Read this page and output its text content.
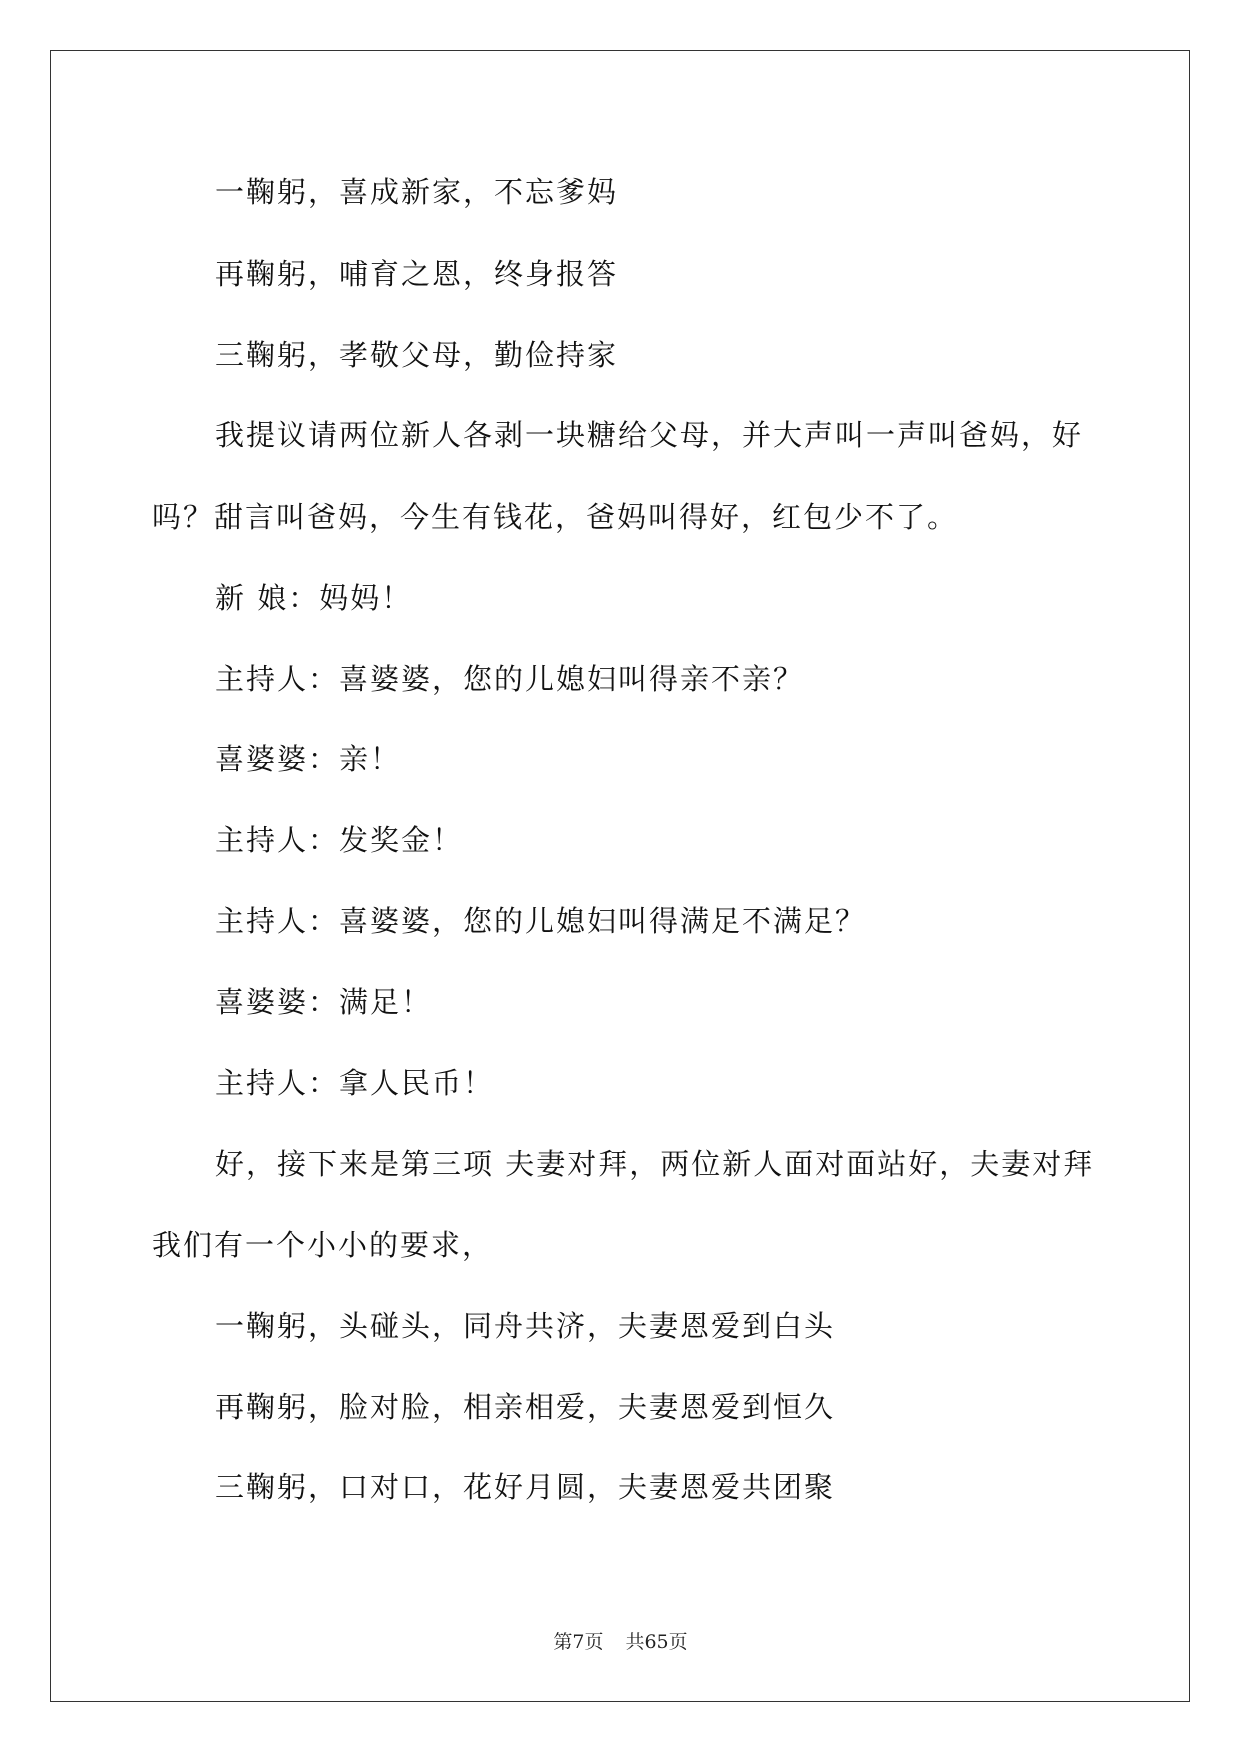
一鞠躬，喜成新家，不忘爹妈
再鞠躬，哺育之恩，终身报答
三鞠躬，孝敬父母，勤俭持家
我提议请两位新人各剥一块糖给父母，并大声叫一声叫爸妈，好
吗？甜言叫爸妈，今生有钱花，爸妈叫得好，红包少不了。
新 娘：妈妈！
主持人：喜婆婆，您的儿媳妇叫得亲不亲？
喜婆婆：亲！
主持人：发奖金！
主持人：喜婆婆，您的儿媳妇叫得满足不满足？
喜婆婆：满足！
主持人：拿人民币！
好，接下来是第三项 夫妻对拜，两位新人面对面站好，夫妻对拜
我们有一个小小的要求，
一鞠躬，头碰头，同舟共济，夫妻恩爱到白头
再鞠躬，脸对脸，相亲相爱，夫妻恩爱到恒久
三鞠躬，口对口，花好月圆，夫妻恩爱共团聚
第7页 共65页
